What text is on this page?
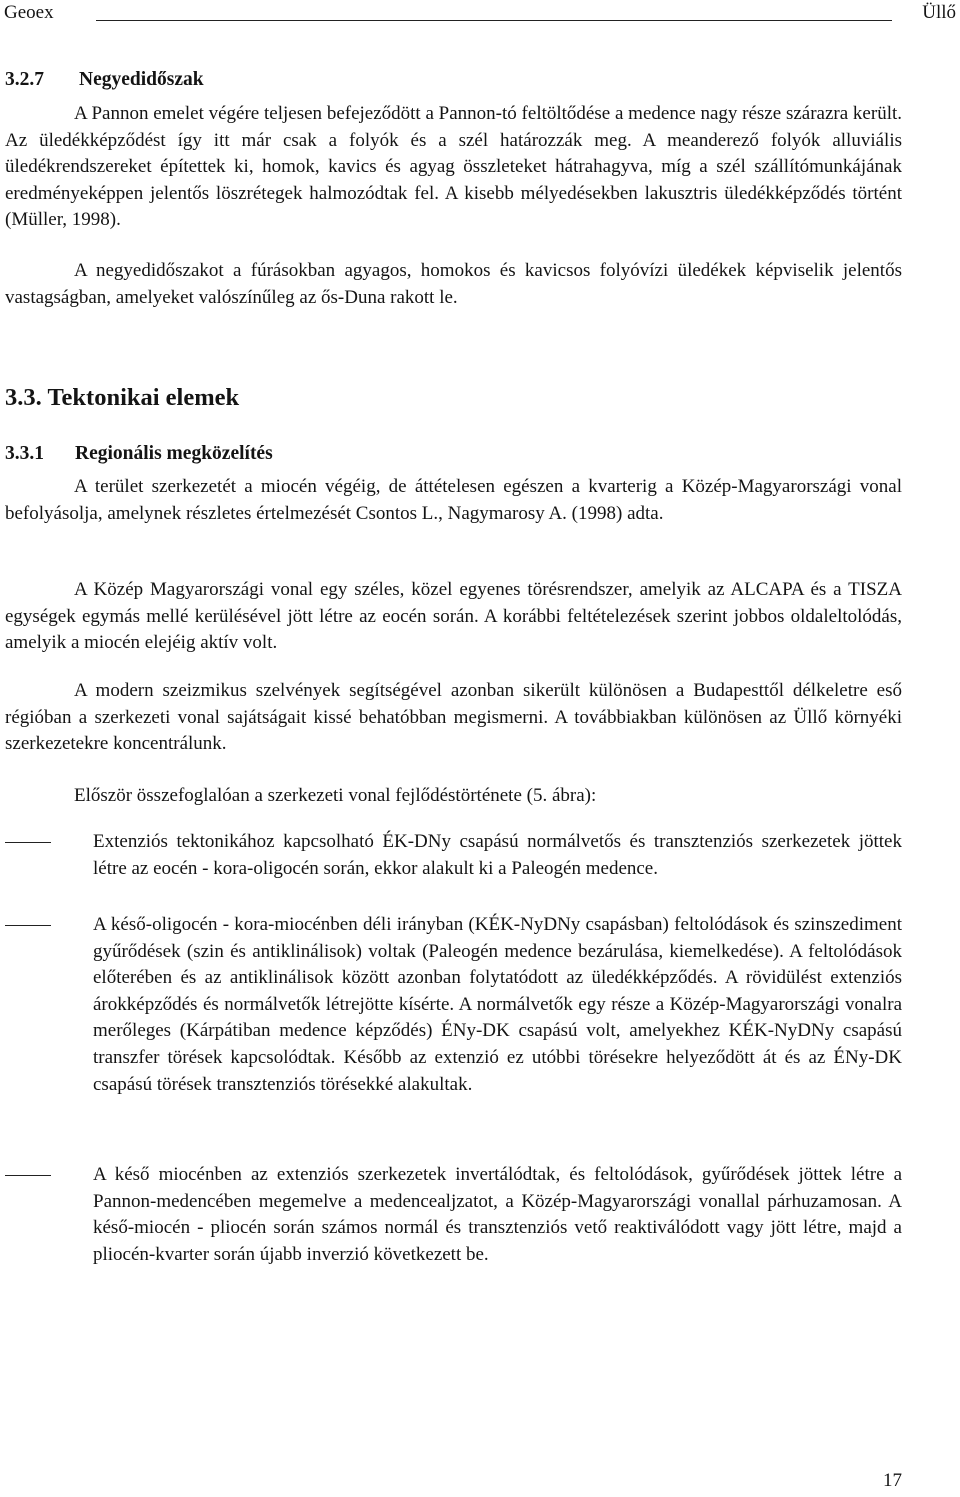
Geoex	Üllő
3.2.7 Negyedidőszak

A Pannon emelet végére teljesen befejeződött a Pannon-tó feltöltődése a medence nagy része szárazra került. Az üledékképződést így itt már csak a folyók és a szél határozzák meg. A meanderező folyók alluviális üledékrendszereket építettek ki, homok, kavics és agyag összleteket hátrahagyva, míg a szél szállítómunkájának eredményeképpen jelentős löszrétegek halmozódtak fel. A kisebb mélyedésekben lakusztris üledékképződés történt (Müller, 1998).

A negyedidőszakot a fúrásokban agyagos, homokos és kavicsos folyóvízi üledékek képviselik jelentős vastagságban, amelyeket valószínűleg az ős-Duna rakott le.

3.3. Tektonikai elemek
3.3.1 Regionális megközelítés

A terület szerkezetét a miocén végéig, de áttételesen egészen a kvarterig a Közép-Magyarországi vonal befolyásolja, amelynek részletes értelmezését Csontos L., Nagymarosy A. (1998) adta.

A Közép Magyarországi vonal egy széles, közel egyenes törésrendszer, amelyik az ALCAPA és a TISZA egységek egymás mellé kerülésével jött létre az eocén során. A korábbi feltételezések szerint jobbos oldaleltolódás, amelyik a miocén elejéig aktív volt.

A modern szeizmikus szelvények segítségével azonban sikerült különösen a Budapesttől délkeletre eső régióban a szerkezeti vonal sajátságait kissé behatóbban megismerni. A továbbiakban különösen az Üllő környéki szerkezetekre koncentrálunk.

Először összefoglalóan a szerkezeti vonal fejlődéstörténete (5. ábra):

Extenziós tektonikához kapcsolható ÉK-DNy csapású normálvetős és transztenziós szerkezetek jöttek létre az eocén - kora-oligocén során, ekkor alakult ki a Paleogén medence.

A késő-oligocén - kora-miocénben déli irányban (KÉK-NyDNy csapásban) feltolódások és szinszediment gyűrődések (szin és antiklinálisok) voltak (Paleogén medence bezárulása, kiemelkedése). A feltolódások előterében és az antiklinálisok között azonban folytatódott az üledékképződés. A rövidülést extenziós árokképződés és normálvetők létrejötte kísérte. A normálvetők egy része a Közép-Magyarországi vonalra merőleges (Kárpátiban medence képződés) ÉNy-DK csapású volt, amelyekhez KÉK-NyDNy csapású transzfer törések kapcsolódtak. Később az extenzió ez utóbbi törésekre helyeződött át és az ÉNy-DK csapású törések transztenziós törésekké alakultak.

A késő miocénben az extenziós szerkezetek invertálódtak, és feltolódások, gyűrődések jöttek létre a Pannon-medencében megemelve a medencealjzatot, a Közép-Magyarországi vonallal párhuzamosan. A késő-miocén - pliocén során számos normál és transztenziós vető reaktiválódott vagy jött létre, majd a pliocén-kvarter során újabb inverzió következett be.

17
